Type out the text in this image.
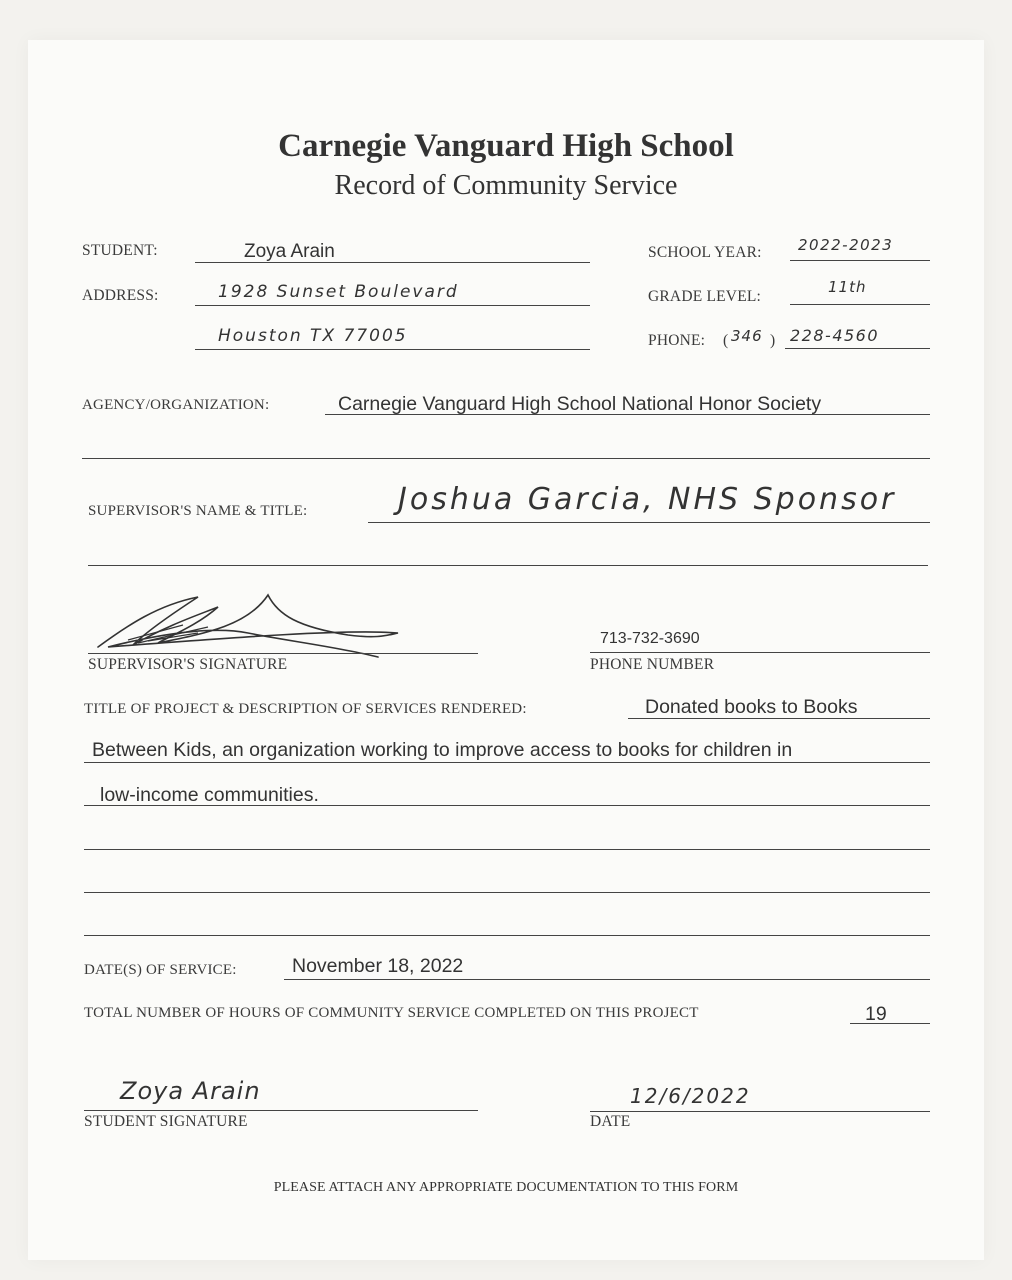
Carnegie Vanguard High School
Record of Community Service
STUDENT:	Zoya Arain	SCHOOL YEAR: 2022-2023
ADDRESS:	1928 Sunset Boulevard
Houston TX 77005
GRADE LEVEL:
11th
PHONE: ( 346 ) 228-4560
AGENCY/ORGANIZATION:	Carnegie Vanguard High School National Honor Society
SUPERVISOR'S NAME & TITLE:	Joshua Garcia, NHS Sponsor
SUPERVISOR'S SIGNATURE
713-732-3690
PHONE NUMBER
TITLE OF PROJECT & DESCRIPTION OF SERVICES RENDERED:	Donated books to Books
Between Kids, an organization working to improve access to books for children in
low-income communities.
DATE(S) OF SERVICE:	November 18, 2022
TOTAL NUMBER OF HOURS OF COMMUNITY SERVICE COMPLETED ON THIS PROJECT	19
Zoya Arain
STUDENT SIGNATURE
12/6/2022
DATE
PLEASE ATTACH ANY APPROPRIATE DOCUMENTATION TO THIS FORM
